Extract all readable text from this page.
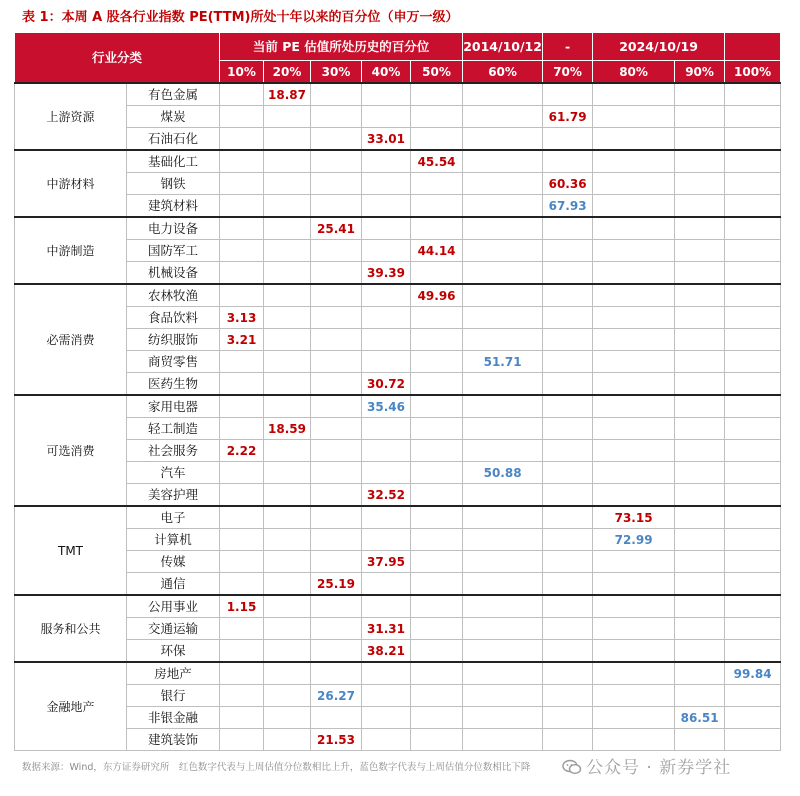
表 1：本周 A 股各行业指数 PE(TTM)所处十年以来的百分位（申万一级）
行业分类		当前 PE 估值所处历史的百分位					2014/10/12	-	2024/10/19		
		10%	20%	30%	40%	50%	60%	70%	80%	90%	100%
上游资源	有色金属		18.87								
	煤炭							61.79			
	石油石化				33.01						
中游材料	基础化工					45.54					
	钢铁							60.36			
	建筑材料							67.93			
中游制造	电力设备			25.41							
	国防军工					44.14					
	机械设备				39.39						
必需消费	农林牧渔					49.96					
	食品饮料	3.13									
	纺织服饰	3.21									
	商贸零售						51.71				
	医药生物				30.72						
可选消费	家用电器				35.46						
	轻工制造		18.59								
	社会服务	2.22									
	汽车						50.88				
	美容护理				32.52						
TMT	电子								73.15		
	计算机								72.99		
	传媒				37.95						
	通信			25.19							
服务和公共	公用事业	1.15									
	交通运输				31.31						
	环保				38.21						
金融地产	房地产										99.84
	银行			26.27							
	非银金融									86.51	
	建筑装饰			21.53							
数据来源：Wind，东方证券研究所　红色数字代表与上周估值分位数相比上升，蓝色数字代表与上周估值分位数相比下降	公众号 · 新券学社
